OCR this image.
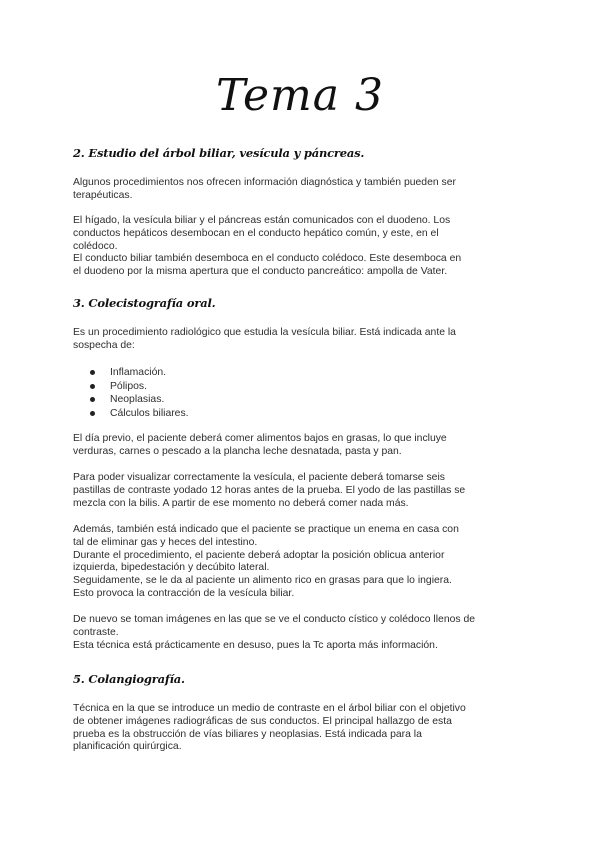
Tema 3
2. Estudio del árbol biliar, vesícula y páncreas.

Algunos procedimientos nos ofrecen información diagnóstica y también pueden ser
terapéuticas.

El hígado, la vesícula biliar y el páncreas están comunicados con el duodeno. Los
conductos hepáticos desembocan en el conducto hepático común, y este, en el
colédoco.
El conducto biliar también desemboca en el conducto colédoco. Este desemboca en
el duodeno por la misma apertura que el conducto pancreático: ampolla de Vater.

3. Colecistografía oral.

Es un procedimiento radiológico que estudia la vesícula biliar. Está indicada ante la
sospecha de:

Inflamación.
Pólipos.
Neoplasias.
Cálculos biliares.

El día previo, el paciente deberá comer alimentos bajos en grasas, lo que incluye
verduras, carnes o pescado a la plancha leche desnatada, pasta y pan.

Para poder visualizar correctamente la vesícula, el paciente deberá tomarse seis
pastillas de contraste yodado 12 horas antes de la prueba. El yodo de las pastillas se
mezcla con la bilis. A partir de ese momento no deberá comer nada más.

Además, también está indicado que el paciente se practique un enema en casa con
tal de eliminar gas y heces del intestino.
Durante el procedimiento, el paciente deberá adoptar la posición oblicua anterior
izquierda, bipedestación y decúbito lateral.
Seguidamente, se le da al paciente un alimento rico en grasas para que lo ingiera.
Esto provoca la contracción de la vesícula biliar.

De nuevo se toman imágenes en las que se ve el conducto cístico y colédoco llenos de
contraste.
Esta técnica está prácticamente en desuso, pues la Tc aporta más información.

5. Colangiografía.

Técnica en la que se introduce un medio de contraste en el árbol biliar con el objetivo
de obtener imágenes radiográficas de sus conductos. El principal hallazgo de esta
prueba es la obstrucción de vías biliares y neoplasias. Está indicada para la
planificación quirúrgica.
